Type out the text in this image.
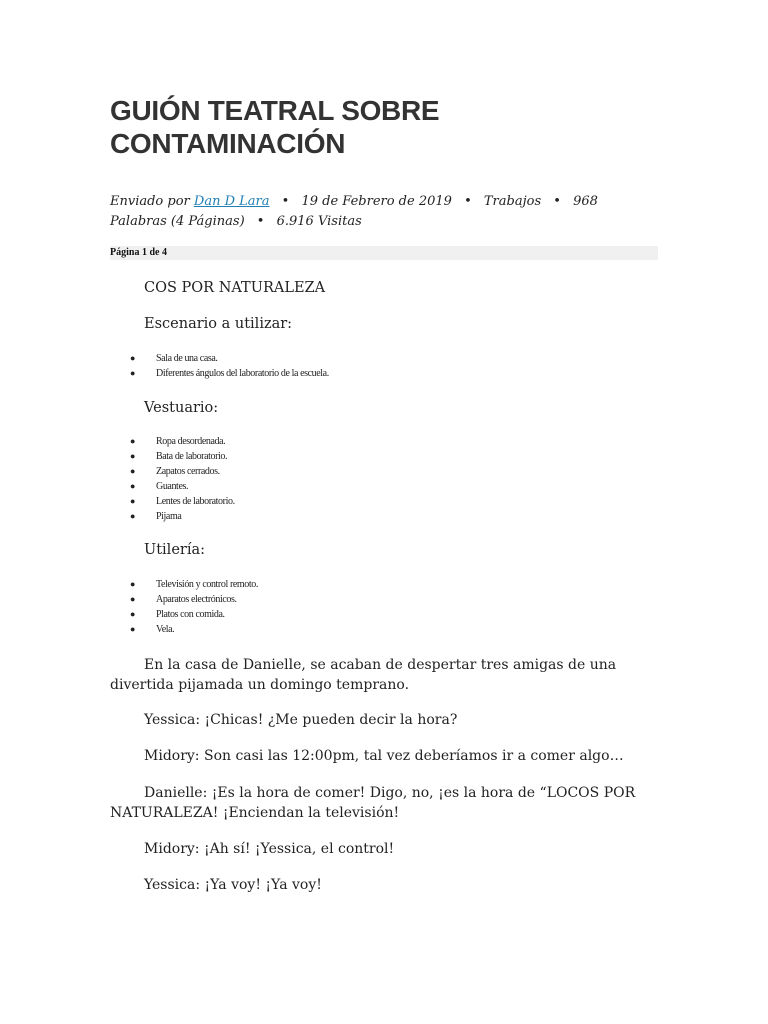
GUIÓN TEATRAL SOBRE CONTAMINACIÓN
Enviado por Dan D Lara • 19 de Febrero de 2019 • Trabajos • 968 Palabras (4 Páginas) • 6.916 Visitas
Página 1 de 4

COS POR NATURALEZA

Escenario a utilizar:

● Sala de una casa.
● Diferentes ángulos del laboratorio de la escuela.

Vestuario:

● Ropa desordenada.
● Bata de laboratorio.
● Zapatos cerrados.
● Guantes.
● Lentes de laboratorio.
● Pijama

Utilería:

● Televisión y control remoto.
● Aparatos electrónicos.
● Platos con comida.
● Vela.

En la casa de Danielle, se acaban de despertar tres amigas de una divertida pijamada un domingo temprano.

Yessica: ¡Chicas! ¿Me pueden decir la hora?

Midory: Son casi las 12:00pm, tal vez deberíamos ir a comer algo…

Danielle: ¡Es la hora de comer! Digo, no, ¡es la hora de “LOCOS POR NATURALEZA! ¡Enciendan la televisión!

Midory: ¡Ah sí! ¡Yessica, el control!

Yessica: ¡Ya voy! ¡Ya voy!
